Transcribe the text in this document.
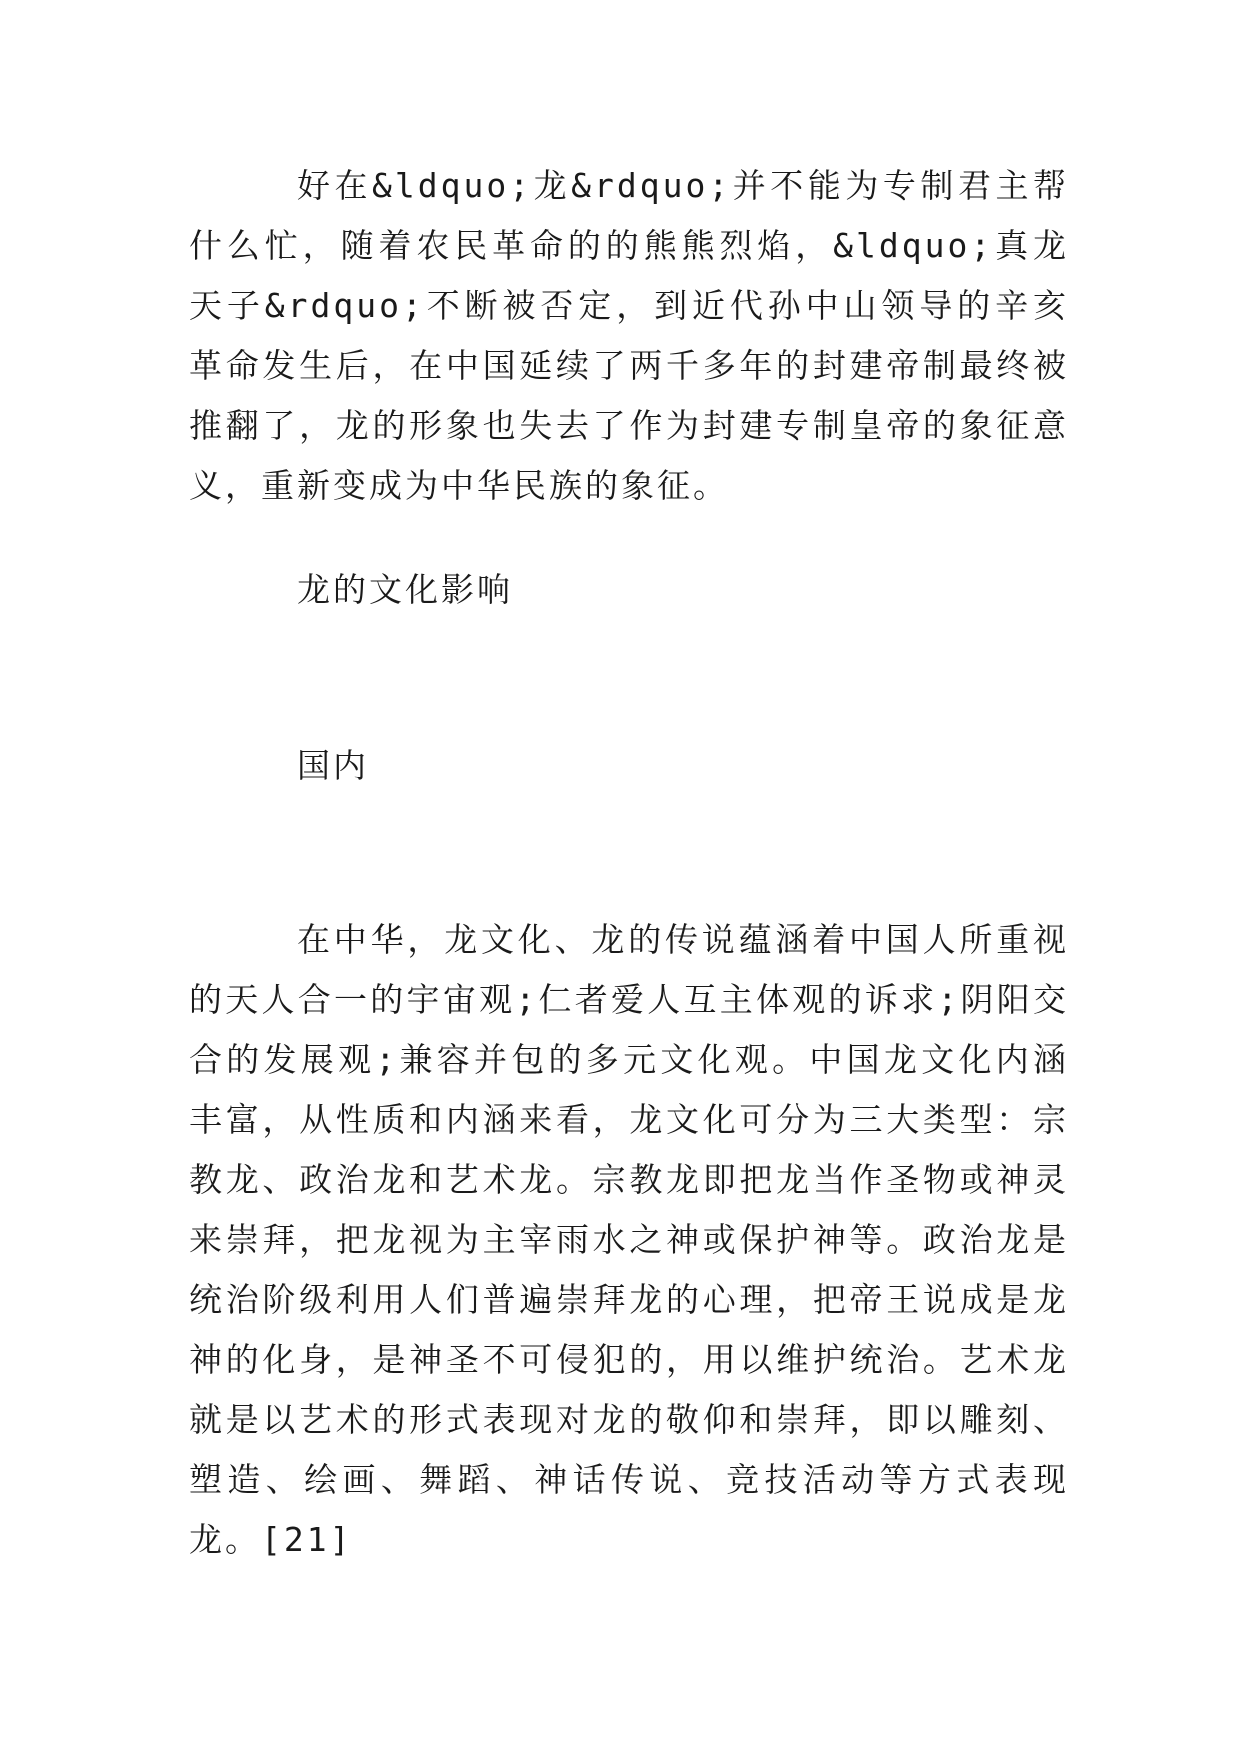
好在&ldquo;龙&rdquo;并不能为专制君主帮什么忙，随着农民革命的的熊熊烈焰，&ldquo;真龙天子&rdquo;不断被否定，到近代孙中山领导的辛亥革命发生后，在中国延续了两千多年的封建帝制最终被推翻了，龙的形象也失去了作为封建专制皇帝的象征意义，重新变成为中华民族的象征。

龙的文化影响
国内

在中华，龙文化、龙的传说蕴涵着中国人所重视的天人合一的宇宙观;仁者爱人互主体观的诉求;阴阳交合的发展观;兼容并包的多元文化观。中国龙文化内涵丰富，从性质和内涵来看，龙文化可分为三大类型：宗教龙、政治龙和艺术龙。宗教龙即把龙当作圣物或神灵来崇拜，把龙视为主宰雨水之神或保护神等。政治龙是统治阶级利用人们普遍崇拜龙的心理，把帝王说成是龙神的化身，是神圣不可侵犯的，用以维护统治。艺术龙就是以艺术的形式表现对龙的敬仰和崇拜，即以雕刻、塑造、绘画、舞蹈、神话传说、竞技活动等方式表现龙。[21]
